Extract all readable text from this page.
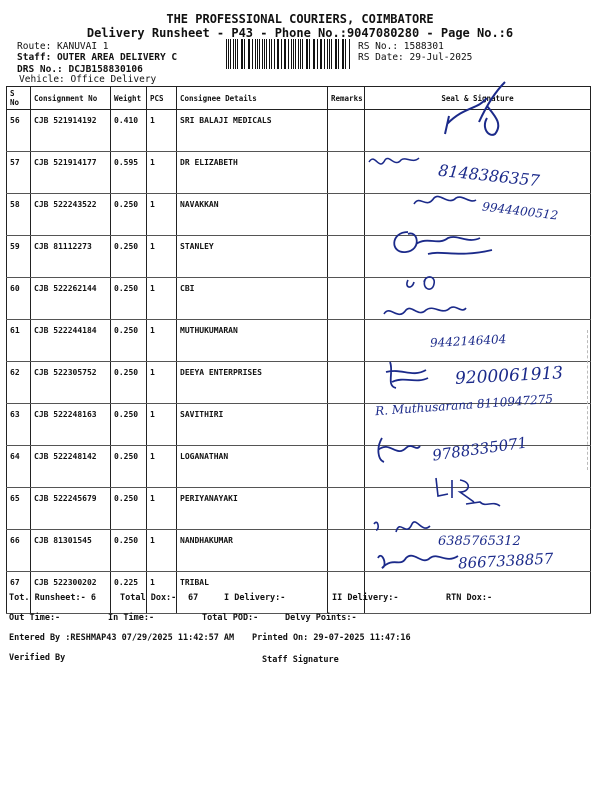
THE PROFESSIONAL COURIERS, COIMBATORE
Delivery Runsheet - P43 - Phone No.:9047080280 - Page No.:6
Route: KANUVAI 1
Staff: OUTER AREA DELIVERY C
DRS No.: DCJB158830106
Vehicle: Office Delivery
RS No.: 1588301
RS Date: 29-Jul-2025
S No	Consignment No	Weight	PCS	Consignee Details	Remarks	Seal & Signature
56	CJB 521914192	0.410	1	SRI BALAJI MEDICALS		
57	CJB 521914177	0.595	1	DR ELIZABETH		
58	CJB 522243522	0.250	1	NAVAKKAN		
59	CJB 81112273	0.250	1	STANLEY		
60	CJB 522262144	0.250	1	CBI		
61	CJB 522244184	0.250	1	MUTHUKUMARAN		
62	CJB 522305752	0.250	1	DEEYA ENTERPRISES		
63	CJB 522248163	0.250	1	SAVITHIRI		
64	CJB 522248142	0.250	1	LOGANATHAN		
65	CJB 522245679	0.250	1	PERIYANAYAKI		
66	CJB 81301545	0.250	1	NANDHAKUMAR		
67	CJB 522300202	0.225	1	TRIBAL		
8148386357
9944400512
9442146404
9200061913
R. Muthusarana 8110947275
9788335071
6385765312
8667338857
Tot. Runsheet:- 6	Total Dox:- 67	I Delivery:-	II Delivery:-	RTN Dox:-
Out Time:-	In Time:-	Total POD:-	Delvy Points:-
Entered By :RESHMAP43 07/29/2025 11:42:57 AM Printed On: 29-07-2025 11:47:16
Verified By	Staff Signature
